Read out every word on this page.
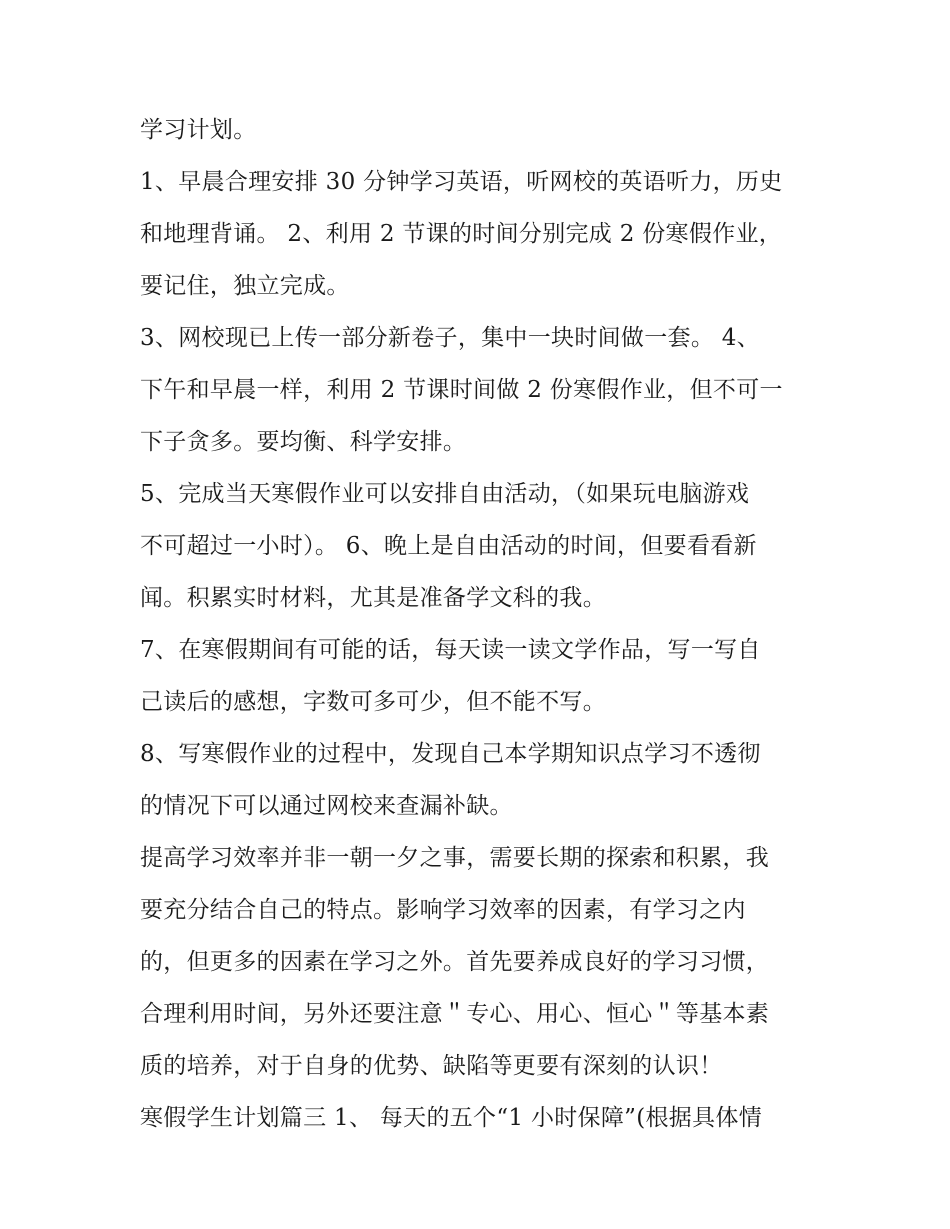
学习计划。
1、早晨合理安排 30 分钟学习英语，听网校的英语听力，历史
和地理背诵。 2、利用 2 节课的时间分别完成 2 份寒假作业，
要记住，独立完成。
3、网校现已上传一部分新卷子，集中一块时间做一套。 4、
下午和早晨一样，利用 2 节课时间做 2 份寒假作业，但不可一
下子贪多。要均衡、科学安排。
5、完成当天寒假作业可以安排自由活动，（如果玩电脑游戏
不可超过一小时）。 6、晚上是自由活动的时间，但要看看新
闻。积累实时材料，尤其是准备学文科的我。
7、在寒假期间有可能的话，每天读一读文学作品，写一写自
己读后的感想，字数可多可少，但不能不写。
8、写寒假作业的过程中，发现自己本学期知识点学习不透彻
的情况下可以通过网校来查漏补缺。
提高学习效率并非一朝一夕之事，需要长期的探索和积累，我
要充分结合自己的特点。影响学习效率的因素，有学习之内
的，但更多的因素在学习之外。首先要养成良好的学习习惯，
合理利用时间，另外还要注意＂专心、用心、恒心＂等基本素
质的培养，对于自身的优势、缺陷等更要有深刻的认识！
寒假学生计划篇三 1、 每天的五个“1 小时保障”(根据具体情
